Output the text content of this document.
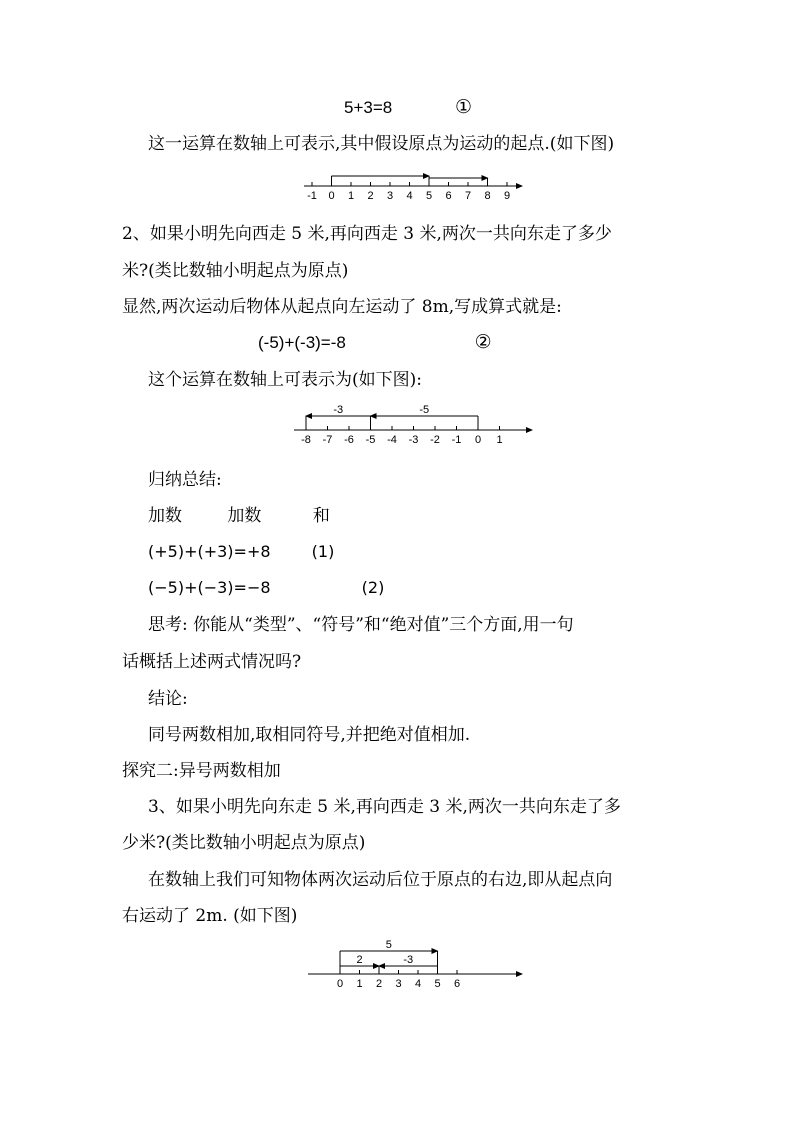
5+3=8	①
这一运算在数轴上可表示,其中假设原点为运动的起点.(如下图)
-1 0 1 2 3 4 5 6 7 8 9
2、如果小明先向西走 5 米,再向西走 3 米,两次一共向东走了多少
米?(类比数轴小明起点为原点)
显然,两次运动后物体从起点向左运动了 8m,写成算式就是:
(-5)+(-3)=-8	②
这个运算在数轴上可表示为(如下图):
-8 -7 -6 -5 -4 -3 -2 -1 0 1
-5
-3
归纳总结:
加数	加数	和
(+5)+(+3)=+8	(1)
(−5)+(−3)=−8	(2)
思考: 你能从“类型”、“符号”和“绝对值”三个方面,用一句
话概括上述两式情况吗?
结论:
同号两数相加,取相同符号,并把绝对值相加.
探究二:异号两数相加
3、如果小明先向东走 5 米,再向西走 3 米,两次一共向东走了多
少米?(类比数轴小明起点为原点)
在数轴上我们可知物体两次运动后位于原点的右边,即从起点向
右运动了 2m. (如下图)
0 1 2 3 4 5 6
5
-3
2
